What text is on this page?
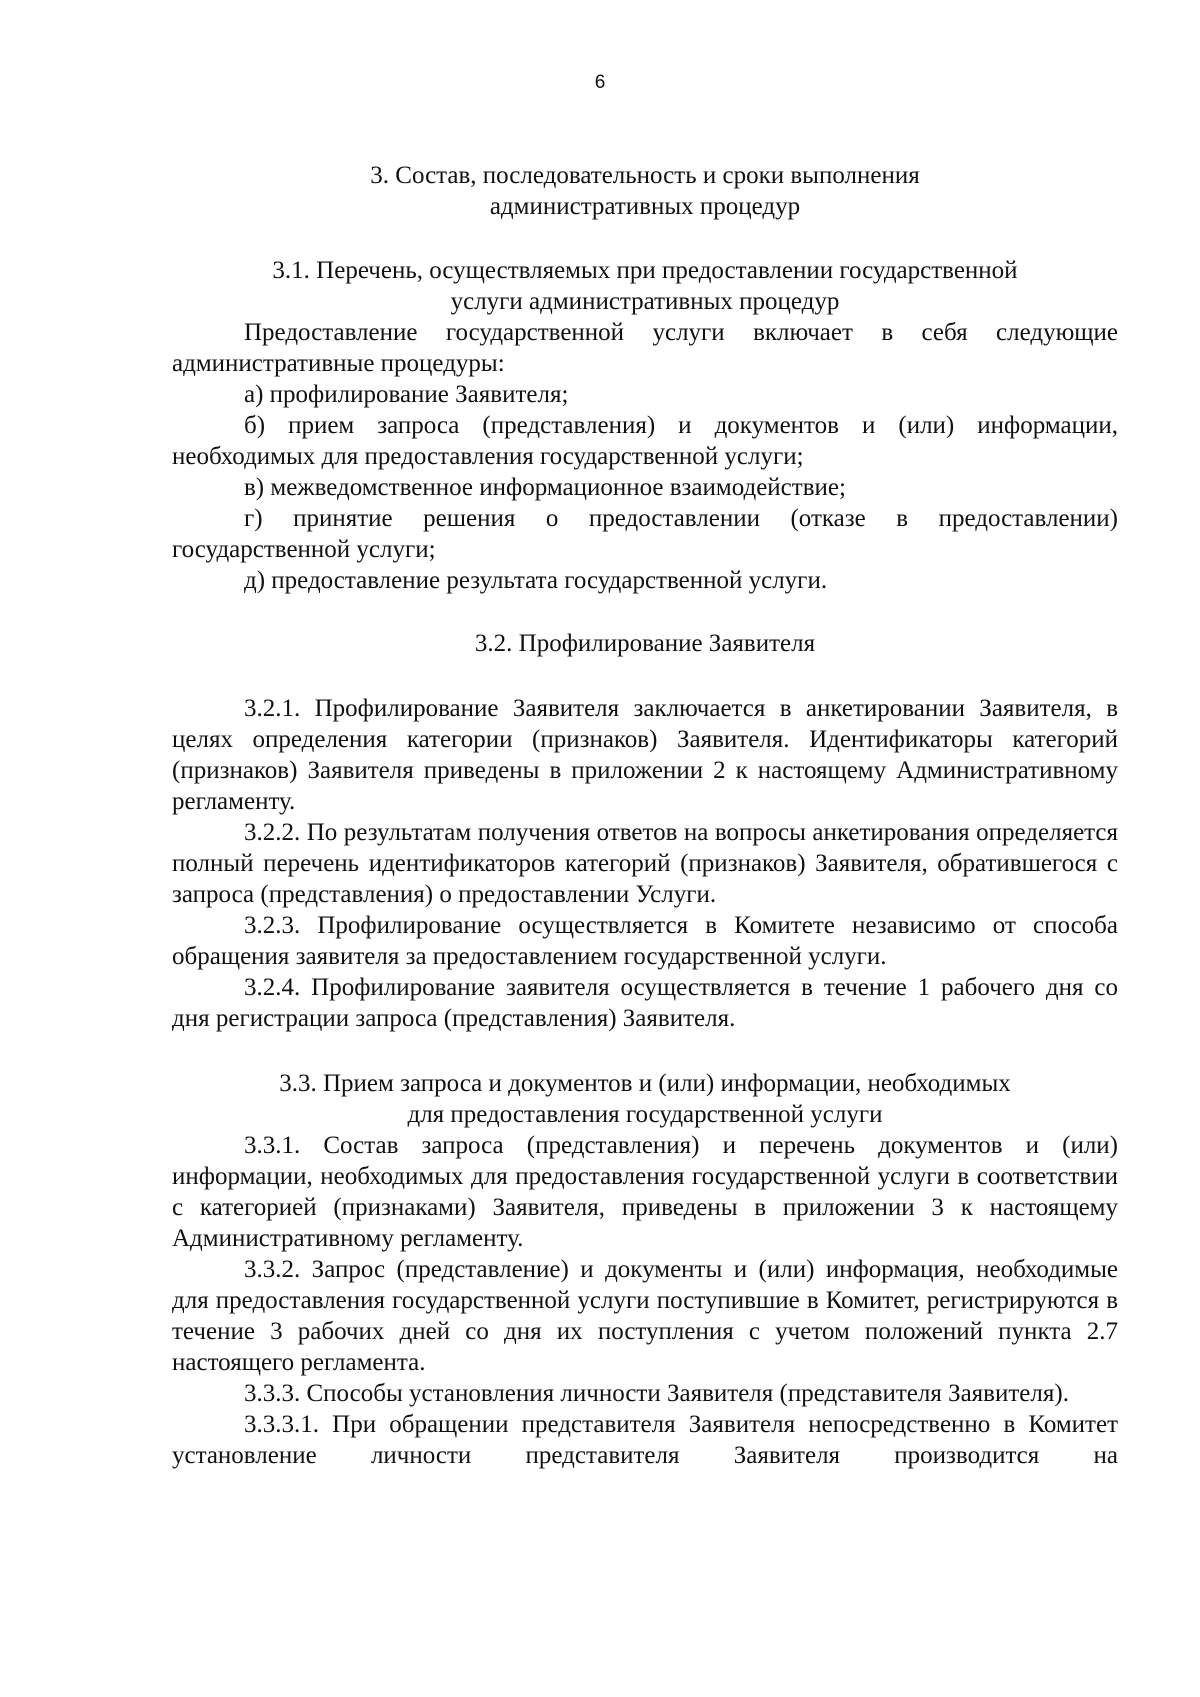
6
3. Состав, последовательность и сроки выполнения
административных процедур
3.1. Перечень, осуществляемых при предоставлении государственной
услуги административных процедур

Предоставление государственной услуги включает в себя следующие административные процедуры:

а) профилирование Заявителя;

б) прием запроса (представления) и документов и (или) информации, необходимых для предоставления государственной услуги;

в) межведомственное информационное взаимодействие;

г) принятие решения о предоставлении (отказе в предоставлении) государственной услуги;

д) предоставление результата государственной услуги.

3.2. Профилирование Заявителя

3.2.1. Профилирование Заявителя заключается в анкетировании Заявителя, в целях определения категории (признаков) Заявителя. Идентификаторы категорий (признаков) Заявителя приведены в приложении 2 к настоящему Административному регламенту.

3.2.2. По результатам получения ответов на вопросы анкетирования определяется полный перечень идентификаторов категорий (признаков) Заявителя, обратившегося с запроса (представления) о предоставлении Услуги.

3.2.3. Профилирование осуществляется в Комитете независимо от способа обращения заявителя за предоставлением государственной услуги.

3.2.4. Профилирование заявителя осуществляется в течение 1 рабочего дня со дня регистрации запроса (представления) Заявителя.

3.3. Прием запроса и документов и (или) информации, необходимых
для предоставления государственной услуги

3.3.1. Состав запроса (представления) и перечень документов и (или) информации, необходимых для предоставления государственной услуги в соответствии с категорией (признаками) Заявителя, приведены в приложении 3 к настоящему Административному регламенту.

3.3.2. Запрос (представление) и документы и (или) информация, необходимые для предоставления государственной услуги поступившие в Комитет, регистрируются в течение 3 рабочих дней со дня их поступления с учетом положений пункта 2.7 настоящего регламента.

3.3.3. Способы установления личности Заявителя (представителя Заявителя).

3.3.3.1. При обращении представителя Заявителя непосредственно в Комитет установление личности представителя Заявителя производится на
